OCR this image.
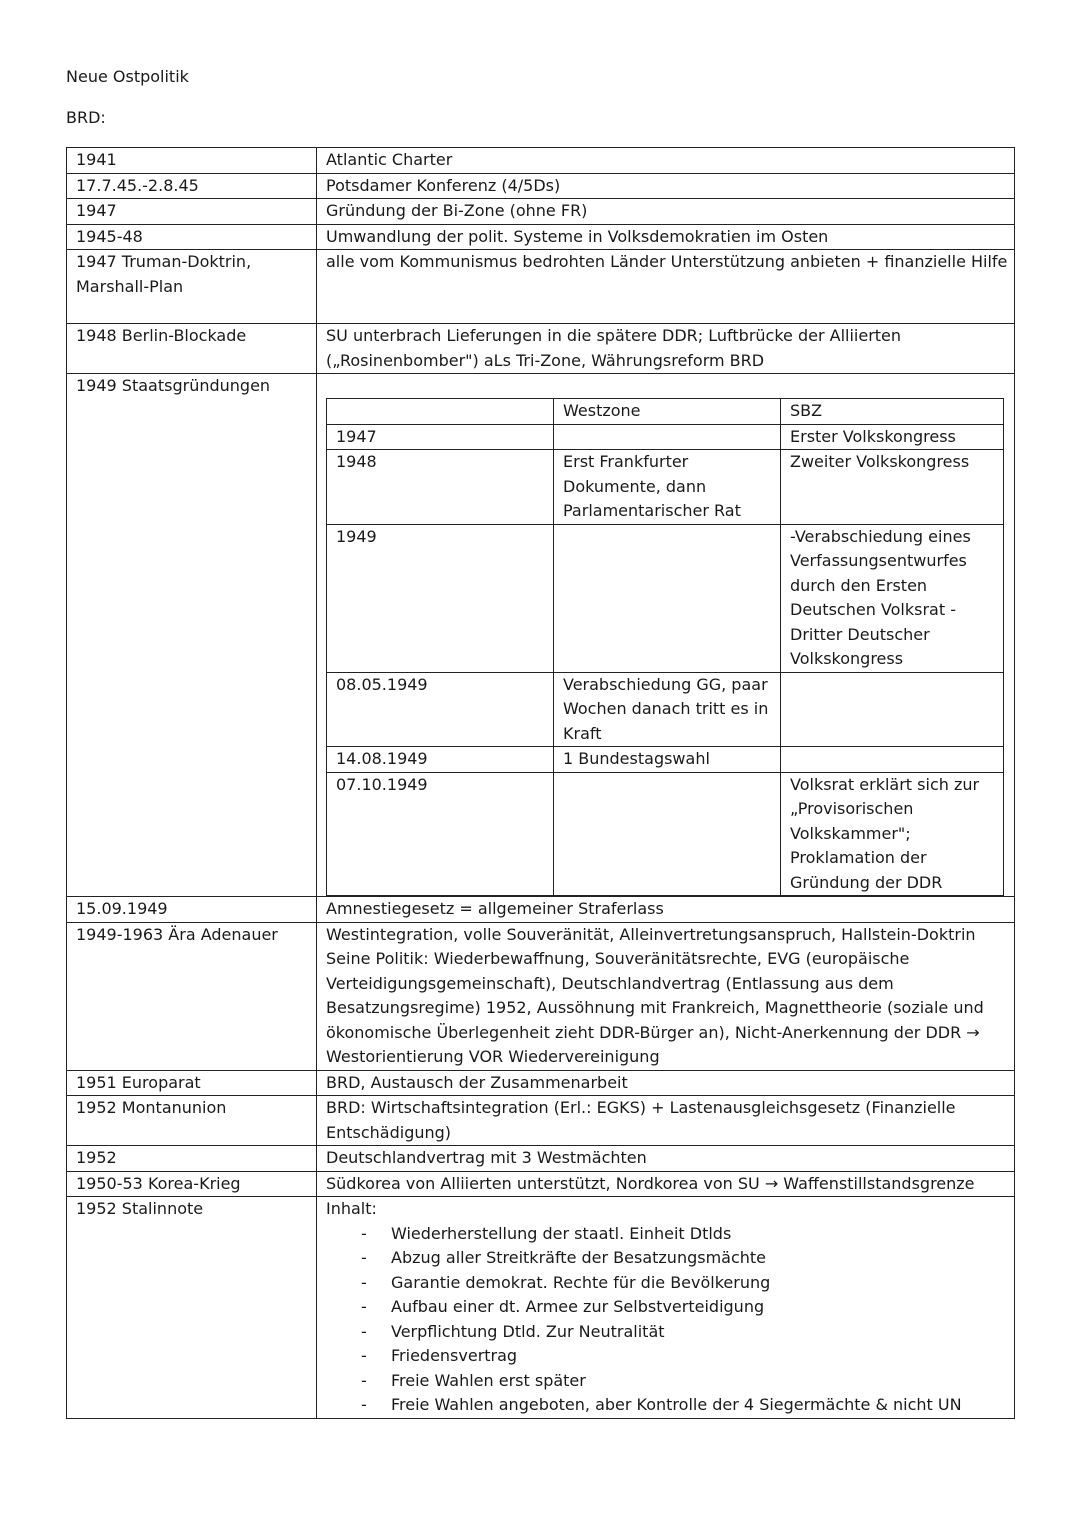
Neue Ostpolitik
BRD:
1941	Atlantic Charter
17.7.45.-2.8.45	Potsdamer Konferenz (4/5Ds)
1947	Gründung der Bi-Zone (ohne FR)
1945-48	Umwandlung der polit. Systeme in Volksdemokratien im Osten
1947 Truman-Doktrin, Marshall-Plan	alle vom Kommunismus bedrohten Länder Unterstützung anbieten + finanzielle Hilfe
1948 Berlin-Blockade	SU unterbrach Lieferungen in die spätere DDR; Luftbrücke der Alliierten („Rosinenbomber") aLs Tri-Zone, Währungsreform BRD
1949 Staatsgründungen	
	Westzone	SBZ
1947		Erster Volkskongress
1948	Erst Frankfurter Dokumente, dann Parlamentarischer Rat	Zweiter Volkskongress
1949		-Verabschiedung eines Verfassungsentwurfes durch den Ersten Deutschen Volksrat -Dritter Deutscher Volkskongress
08.05.1949	Verabschiedung GG, paar Wochen danach tritt es in Kraft	
14.08.1949	1 Bundestagswahl	
07.10.1949		Volksrat erklärt sich zur „Provisorischen Volkskammer"; Proklamation der Gründung der DDR

15.09.1949	Amnestiegesetz = allgemeiner Straferlass
1949-1963 Ära Adenauer	Westintegration, volle Souveränität, Alleinvertretungsanspruch, Hallstein-Doktrin Seine Politik: Wiederbewaffnung, Souveränitätsrechte, EVG (europäische Verteidigungsgemeinschaft), Deutschlandvertrag (Entlassung aus dem Besatzungsregime) 1952, Aussöhnung mit Frankreich, Magnettheorie (soziale und ökonomische Überlegenheit zieht DDR-Bürger an), Nicht-Anerkennung der DDR → Westorientierung VOR Wiedervereinigung
1951 Europarat	BRD, Austausch der Zusammenarbeit
1952 Montanunion	BRD: Wirtschaftsintegration (Erl.: EGKS) + Lastenausgleichsgesetz (Finanzielle Entschädigung)
1952	Deutschlandvertrag mit 3 Westmächten
1950-53 Korea-Krieg	Südkorea von Alliierten unterstützt, Nordkorea von SU → Waffenstillstandsgrenze
1952 Stalinnote	Inhalt:
- Wiederherstellung der staatl. Einheit Dtlds
- Abzug aller Streitkräfte der Besatzungsmächte
- Garantie demokrat. Rechte für die Bevölkerung
- Aufbau einer dt. Armee zur Selbstverteidigung
- Verpflichtung Dtld. Zur Neutralität
- Friedensvertrag
- Freie Wahlen erst später
- Freie Wahlen angeboten, aber Kontrolle der 4 Siegermächte & nicht UN
